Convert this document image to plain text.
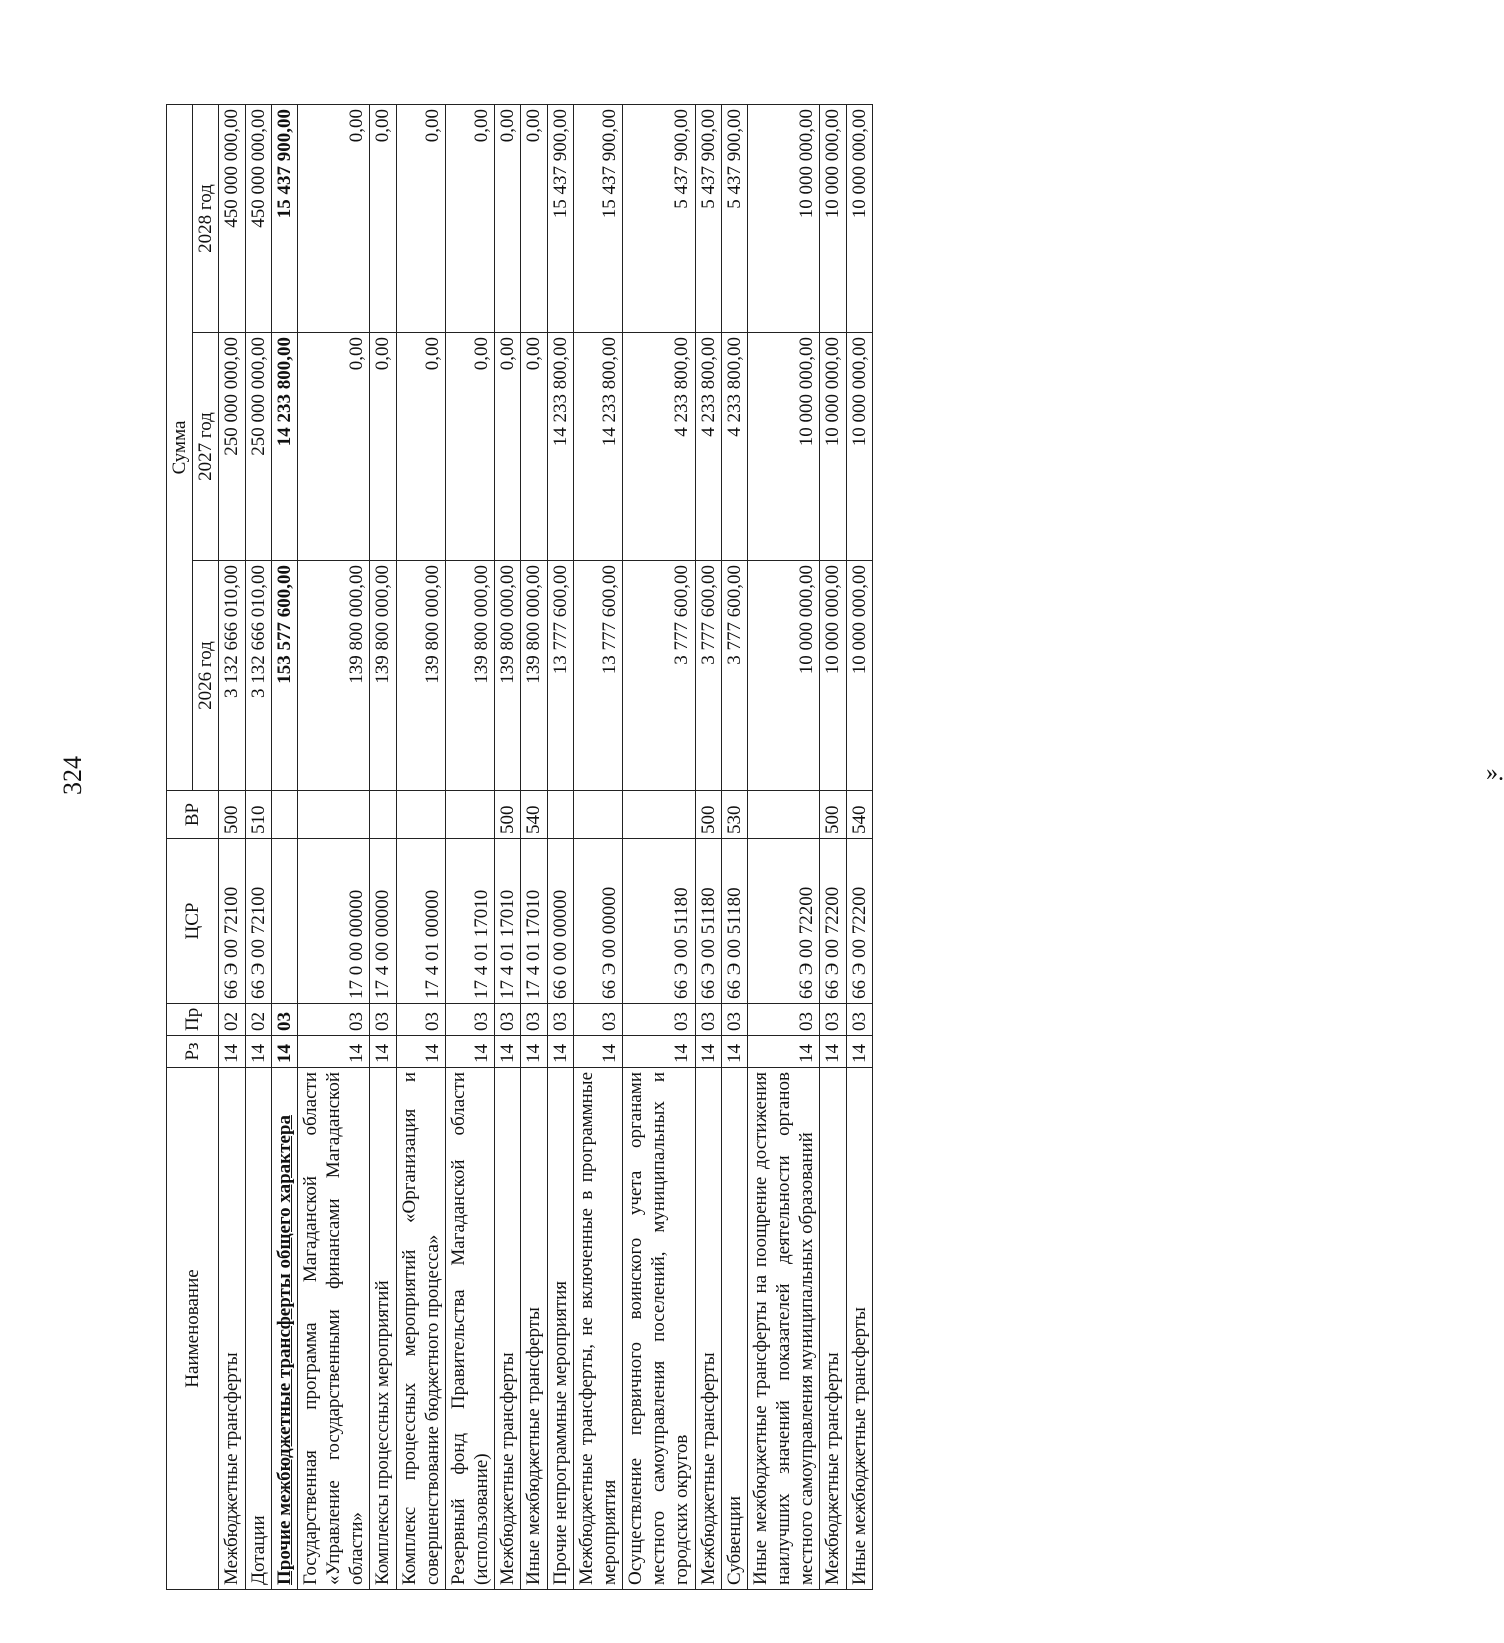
324
Наименование	Рз	Пр	ЦСР	ВР	Сумма		
					2026 год	2027 год	2028 год
Межбюджетные трансферты	14	02	66 Э 00 72100	500	3 132 666 010,00	250 000 000,00	450 000 000,00
Дотации	14	02	66 Э 00 72100	510	3 132 666 010,00	250 000 000,00	450 000 000,00
Прочие межбюджетные трансферты общего характера	14	03			153 577 600,00	14 233 800,00	15 437 900,00
Государственная программа Магаданской области «Управление государственными финансами Магаданской области»	14	03	17 0 00 00000		139 800 000,00	0,00	0,00
Комплексы процессных мероприятий	14	03	17 4 00 00000		139 800 000,00	0,00	0,00
Комплекс процессных мероприятий «Организация и совершенствование бюджетного процесса»	14	03	17 4 01 00000		139 800 000,00	0,00	0,00
Резервный фонд Правительства Магаданской области (использование)	14	03	17 4 01 17010		139 800 000,00	0,00	0,00
Межбюджетные трансферты	14	03	17 4 01 17010	500	139 800 000,00	0,00	0,00
Иные межбюджетные трансферты	14	03	17 4 01 17010	540	139 800 000,00	0,00	0,00
Прочие непрограммные мероприятия	14	03	66 0 00 00000		13 777 600,00	14 233 800,00	15 437 900,00
Межбюджетные трансферты, не включенные в программные мероприятия	14	03	66 Э 00 00000		13 777 600,00	14 233 800,00	15 437 900,00
Осуществление первичного воинского учета органами местного самоуправления поселений, муниципальных и городских округов	14	03	66 Э 00 51180		3 777 600,00	4 233 800,00	5 437 900,00
Межбюджетные трансферты	14	03	66 Э 00 51180	500	3 777 600,00	4 233 800,00	5 437 900,00
Субвенции	14	03	66 Э 00 51180	530	3 777 600,00	4 233 800,00	5 437 900,00
Иные межбюджетные трансферты на поощрение достижения наилучших значений показателей деятельности органов местного самоуправления муниципальных образований	14	03	66 Э 00 72200		10 000 000,00	10 000 000,00	10 000 000,00
Межбюджетные трансферты	14	03	66 Э 00 72200	500	10 000 000,00	10 000 000,00	10 000 000,00
Иные межбюджетные трансферты	14	03	66 Э 00 72200	540	10 000 000,00	10 000 000,00	10 000 000,00
».
